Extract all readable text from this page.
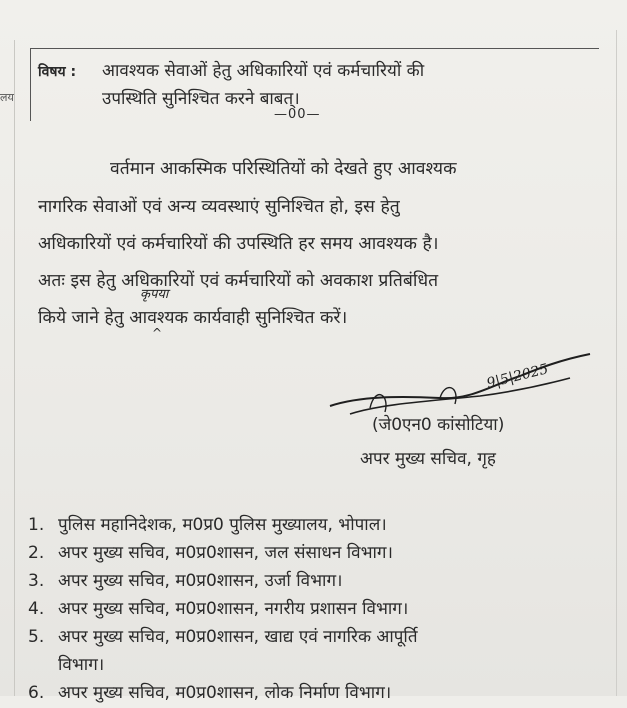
लय
विषय : आवश्यक सेवाओं हेतु अधिकारियों एवं कर्मचारियों की
उपस्थिति सुनिश्चित करने बाबत्।
—00—
वर्तमान आकस्मिक परिस्थितियों को देखते हुए आवश्यक
नागरिक सेवाओं एवं अन्य व्यवस्थाएं सुनिश्चित हो, इस हेतु
अधिकारियों एवं कर्मचारियों की उपस्थिति हर समय आवश्यक है।
अतः इस हेतु अधिकारियों एवं कर्मचारियों को अवकाश प्रतिबंधित
किये जाने हेतु आवश्यक कार्यवाही सुनिश्चित करें।
कृपया
^
9|5|2025
(जे0एन0 कांसोटिया)
अपर मुख्य सचिव, गृह
1. पुलिस महानिदेशक, म0प्र0 पुलिस मुख्यालय, भोपाल।
2. अपर मुख्य सचिव, म0प्र0शासन, जल संसाधन विभाग।
3. अपर मुख्य सचिव, म0प्र0शासन, उर्जा विभाग।
4. अपर मुख्य सचिव, म0प्र0शासन, नगरीय प्रशासन विभाग।
5. अपर मुख्य सचिव, म0प्र0शासन, खाद्य एवं नागरिक आपूर्ति
विभाग।
6. अपर मुख्य सचिव, म0प्र0शासन, लोक निर्माण विभाग।
